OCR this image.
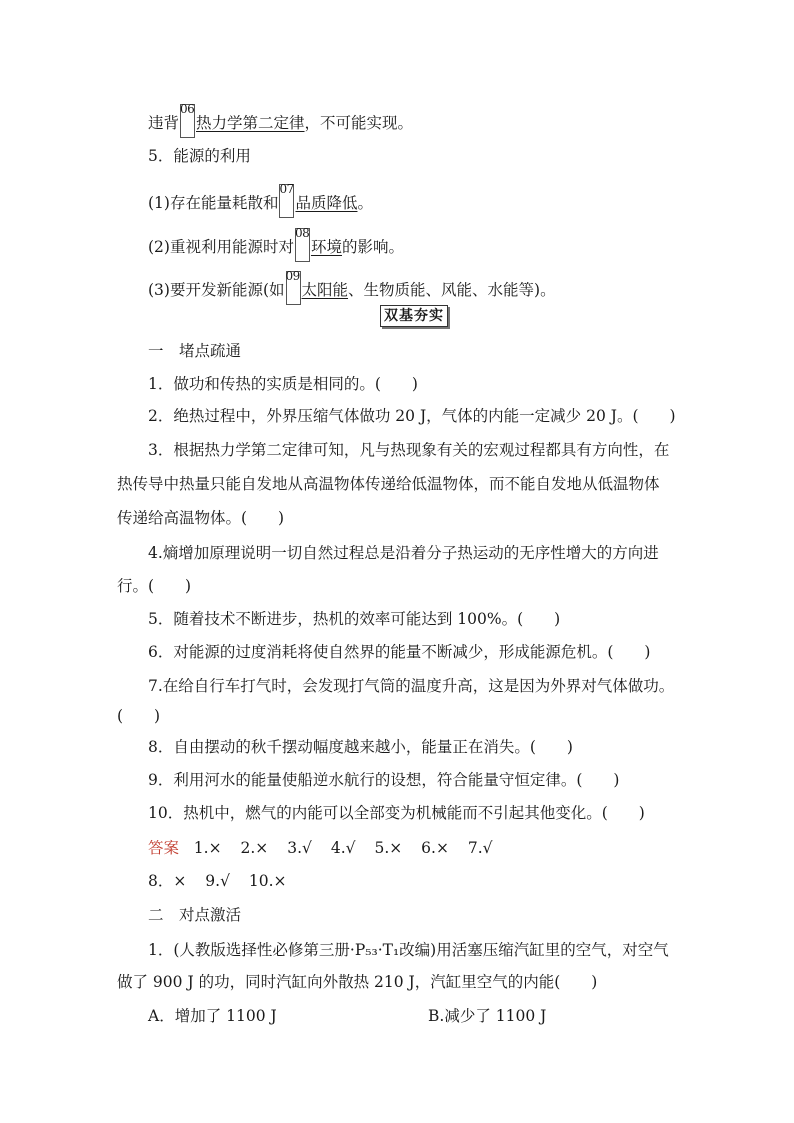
违背
06
热力学第二定律，不可能实现。
5．能源的利用
(1)存在能量耗散和
07
品质降低。
(2)重视利用能源时对
08
环境的影响。
(3)要开发新能源(如
09
太阳能、生物质能、风能、水能等)。
双基夯实
一　堵点疏通
1．做功和传热的实质是相同的。(　　)
2．绝热过程中，外界压缩气体做功 20 J，气体的内能一定减少 20 J。(　　)
3．根据热力学第二定律可知，凡与热现象有关的宏观过程都具有方向性，在
热传导中热量只能自发地从高温物体传递给低温物体，而不能自发地从低温物体
传递给高温物体。(　　)
4.熵增加原理说明一切自然过程总是沿着分子热运动的无序性增大的方向进
行。(　　)
5．随着技术不断进步，热机的效率可能达到 100%。(　　)
6．对能源的过度消耗将使自然界的能量不断减少，形成能源危机。(　　)
7.在给自行车打气时，会发现打气筒的温度升高，这是因为外界对气体做功。
(　　)
8．自由摆动的秋千摆动幅度越来越小，能量正在消失。(　　)
9．利用河水的能量使船逆水航行的设想，符合能量守恒定律。(　　)
10．热机中，燃气的内能可以全部变为机械能而不引起其他变化。(　　)
答案 1.× 2.× 3.√ 4.√ 5.× 6.× 7.√
8．× 9.√ 10.×
二　对点激活
1．(人教版选择性必修第三册·P₅₃·T₁改编)用活塞压缩汽缸里的空气，对空气
做了 900 J 的功，同时汽缸向外散热 210 J，汽缸里空气的内能(　　)
A．增加了 1100 J	B.减少了 1100 J
